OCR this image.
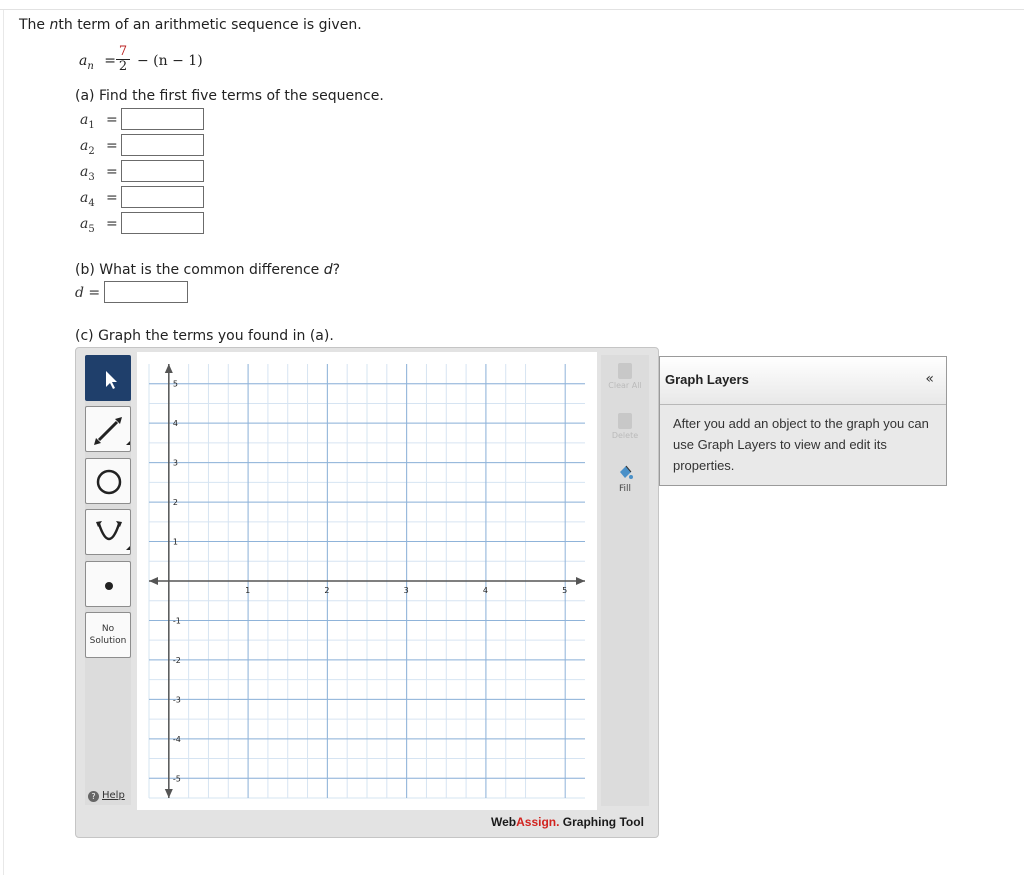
The nth term of an arithmetic sequence is given.
$a_n = \frac{7}{2} - (n - 1)$
(a) Find the first five terms of the sequence.
$a_1$ =
$a_2$ =
$a_3$ =
$a_4$ =
$a_5$ =
(b) What is the common difference d?
d =
(c) Graph the terms you found in (a).
No Solution
? Help
1	2	3	4	5
5
4
3
2
1
-1
-2
-3
-4
-5
Clear All
Delete
Fill
WebAssign. Graphing Tool
Graph Layers	«
After you add an object to the graph you can use Graph Layers to view and edit its properties.
